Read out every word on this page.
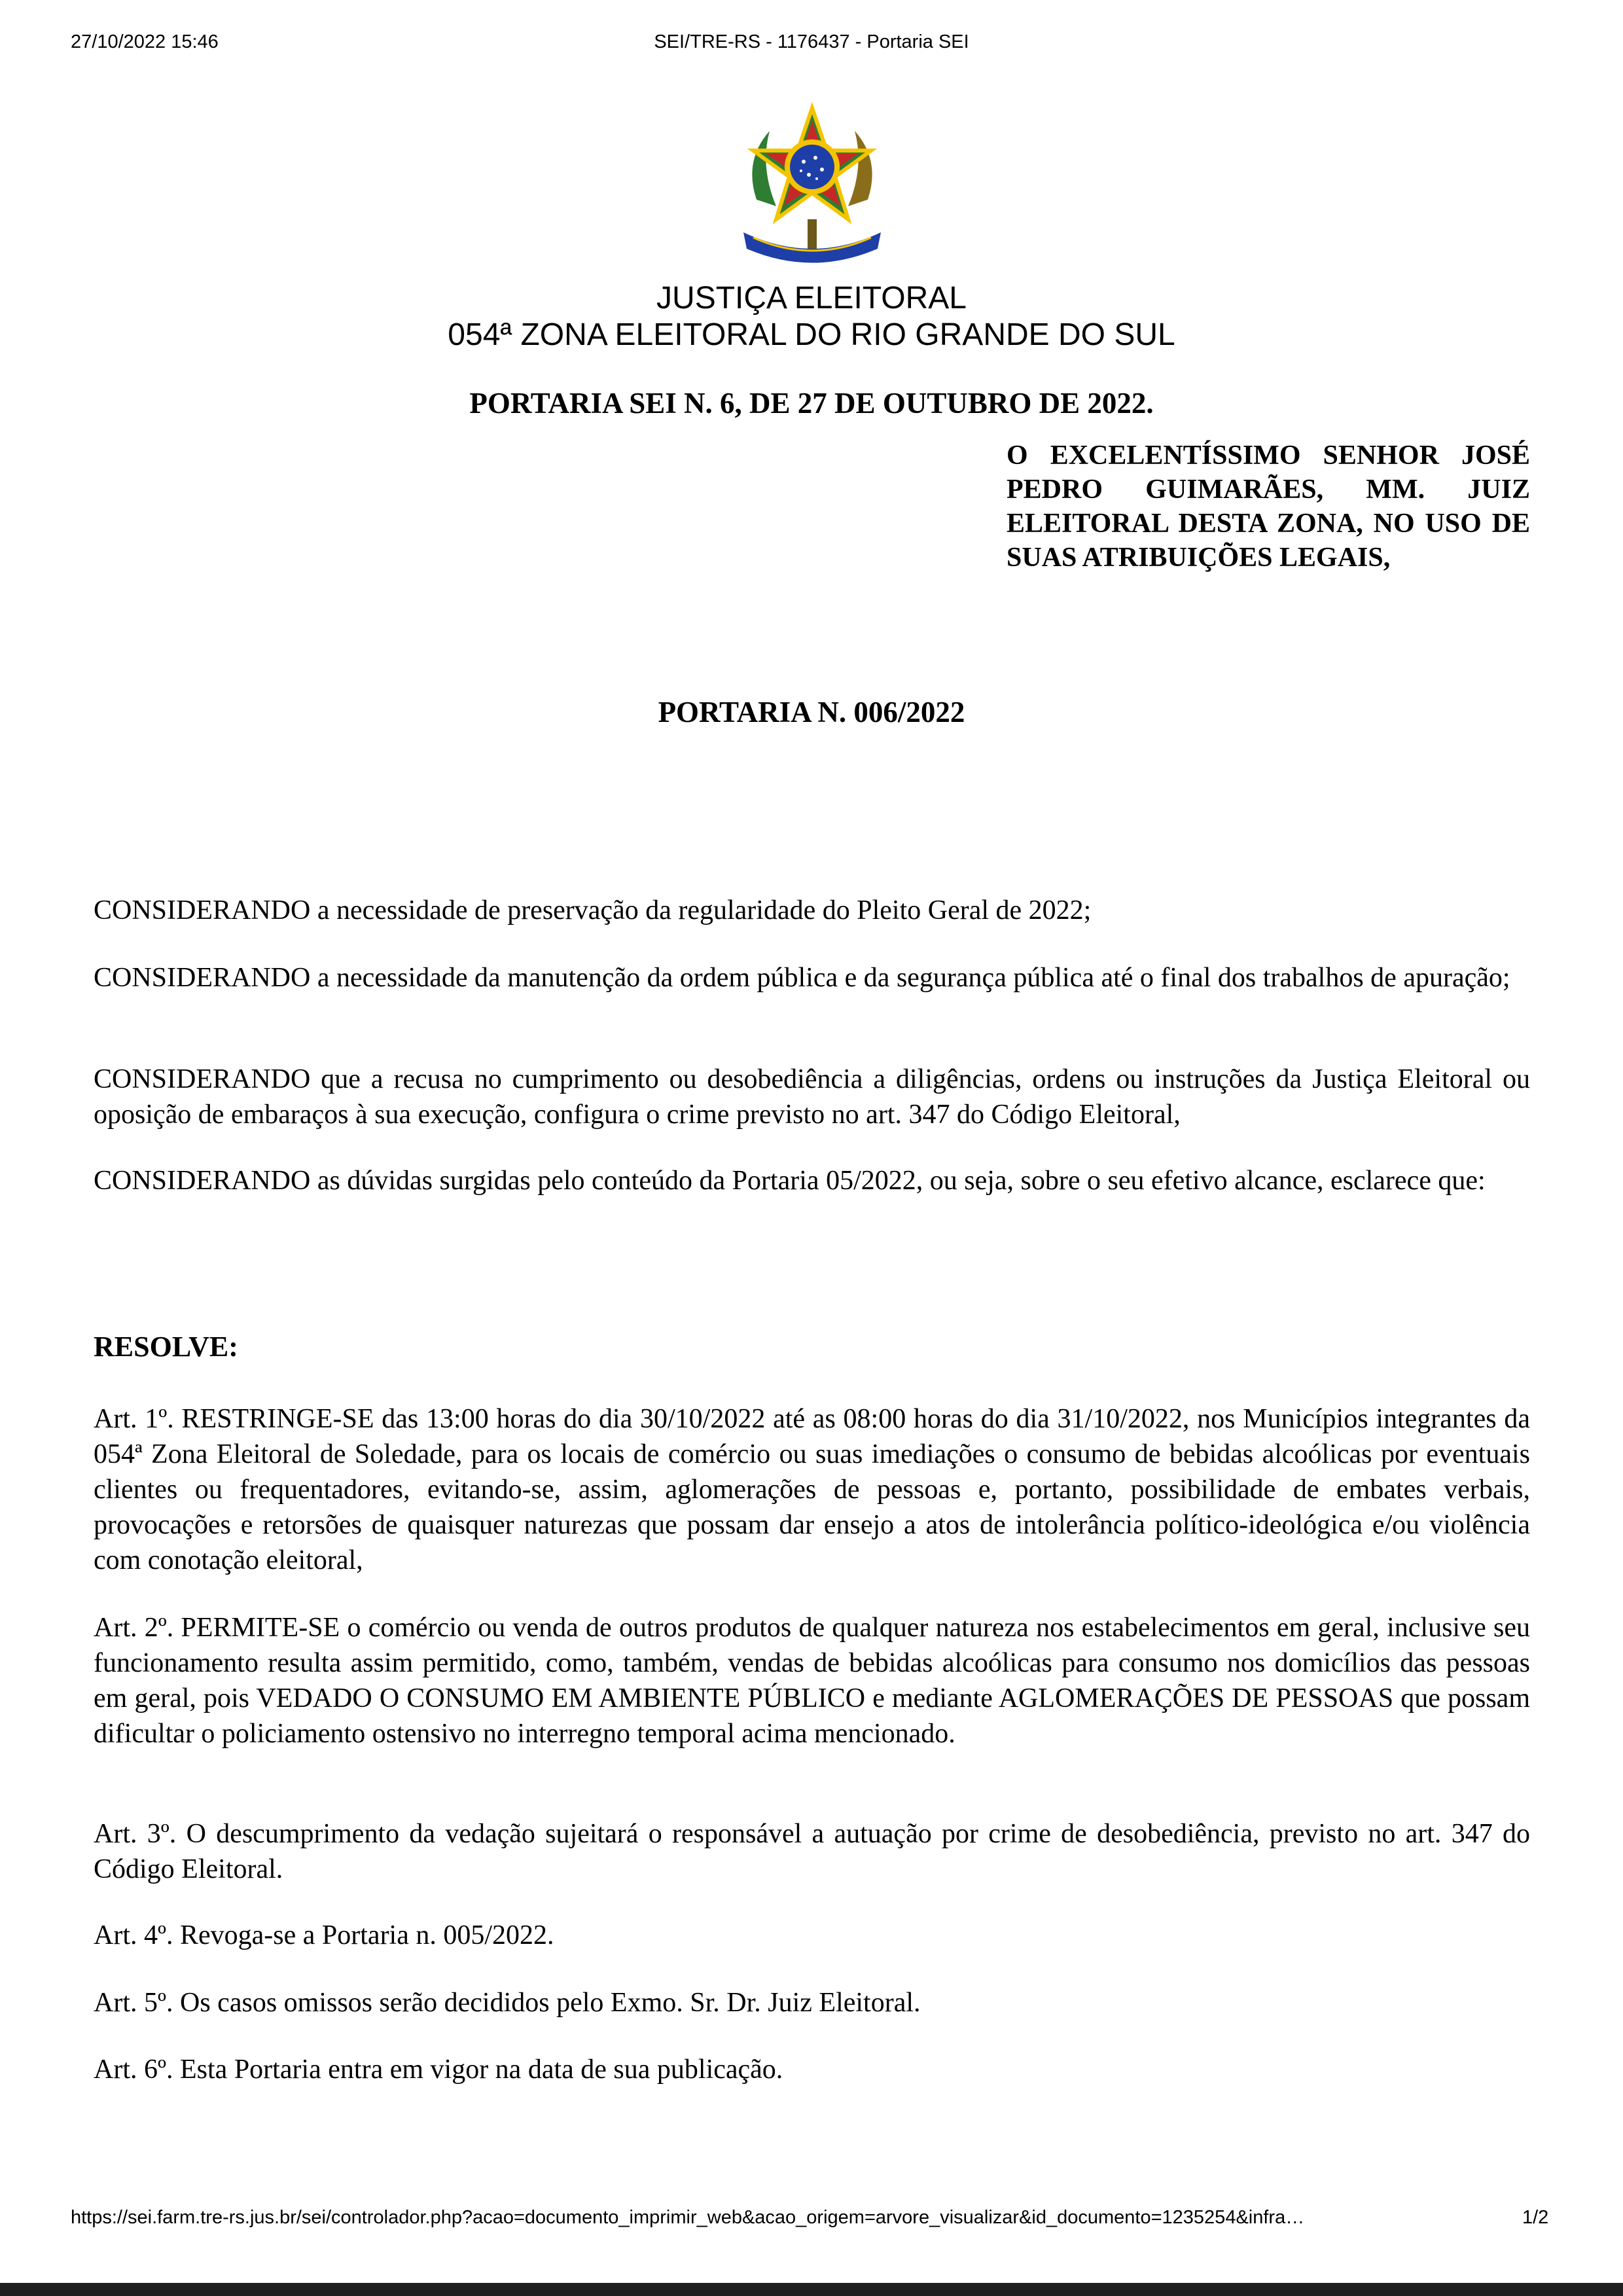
27/10/2022 15:46	SEI/TRE-RS - 1176437 - Portaria SEI
JUSTIÇA ELEITORAL
054ª ZONA ELEITORAL DO RIO GRANDE DO SUL
PORTARIA SEI N. 6, DE 27 DE OUTUBRO DE 2022.
O EXCELENTÍSSIMO SENHOR JOSÉ PEDRO GUIMARÃES, MM. JUIZ ELEITORAL DESTA ZONA, NO USO DE SUAS ATRIBUIÇÕES LEGAIS,
PORTARIA N. 006/2022

CONSIDERANDO a necessidade de preservação da regularidade do Pleito Geral de 2022;

CONSIDERANDO a necessidade da manutenção da ordem pública e da segurança pública até o final dos trabalhos de apuração;

CONSIDERANDO que a recusa no cumprimento ou desobediência a diligências, ordens ou instruções da Justiça Eleitoral ou oposição de embaraços à sua execução, configura o crime previsto no art. 347 do Código Eleitoral,

CONSIDERANDO as dúvidas surgidas pelo conteúdo da Portaria 05/2022, ou seja, sobre o seu efetivo alcance, esclarece que:

RESOLVE:

Art. 1º. RESTRINGE-SE das 13:00 horas do dia 30/10/2022 até as 08:00 horas do dia 31/10/2022, nos Municípios integrantes da 054ª Zona Eleitoral de Soledade, para os locais de comércio ou suas imediações o consumo de bebidas alcoólicas por eventuais clientes ou frequentadores, evitando-se, assim, aglomerações de pessoas e, portanto, possibilidade de embates verbais, provocações e retorsões de quaisquer naturezas que possam dar ensejo a atos de intolerância político-ideológica e/ou violência com conotação eleitoral,

Art. 2º. PERMITE-SE o comércio ou venda de outros produtos de qualquer natureza nos estabelecimentos em geral, inclusive seu funcionamento resulta assim permitido, como, também, vendas de bebidas alcoólicas para consumo nos domicílios das pessoas em geral, pois VEDADO O CONSUMO EM AMBIENTE PÚBLICO e mediante AGLOMERAÇÕES DE PESSOAS que possam dificultar o policiamento ostensivo no interregno temporal acima mencionado.

Art. 3º. O descumprimento da vedação sujeitará o responsável a autuação por crime de desobediência, previsto no art. 347 do Código Eleitoral.

Art. 4º. Revoga-se a Portaria n. 005/2022.

Art. 5º. Os casos omissos serão decididos pelo Exmo. Sr. Dr. Juiz Eleitoral.

Art. 6º. Esta Portaria entra em vigor na data de sua publicação.

https://sei.farm.tre-rs.jus.br/sei/controlador.php?acao=documento_imprimir_web&acao_origem=arvore_visualizar&id_documento=1235254&infra…	1/2
